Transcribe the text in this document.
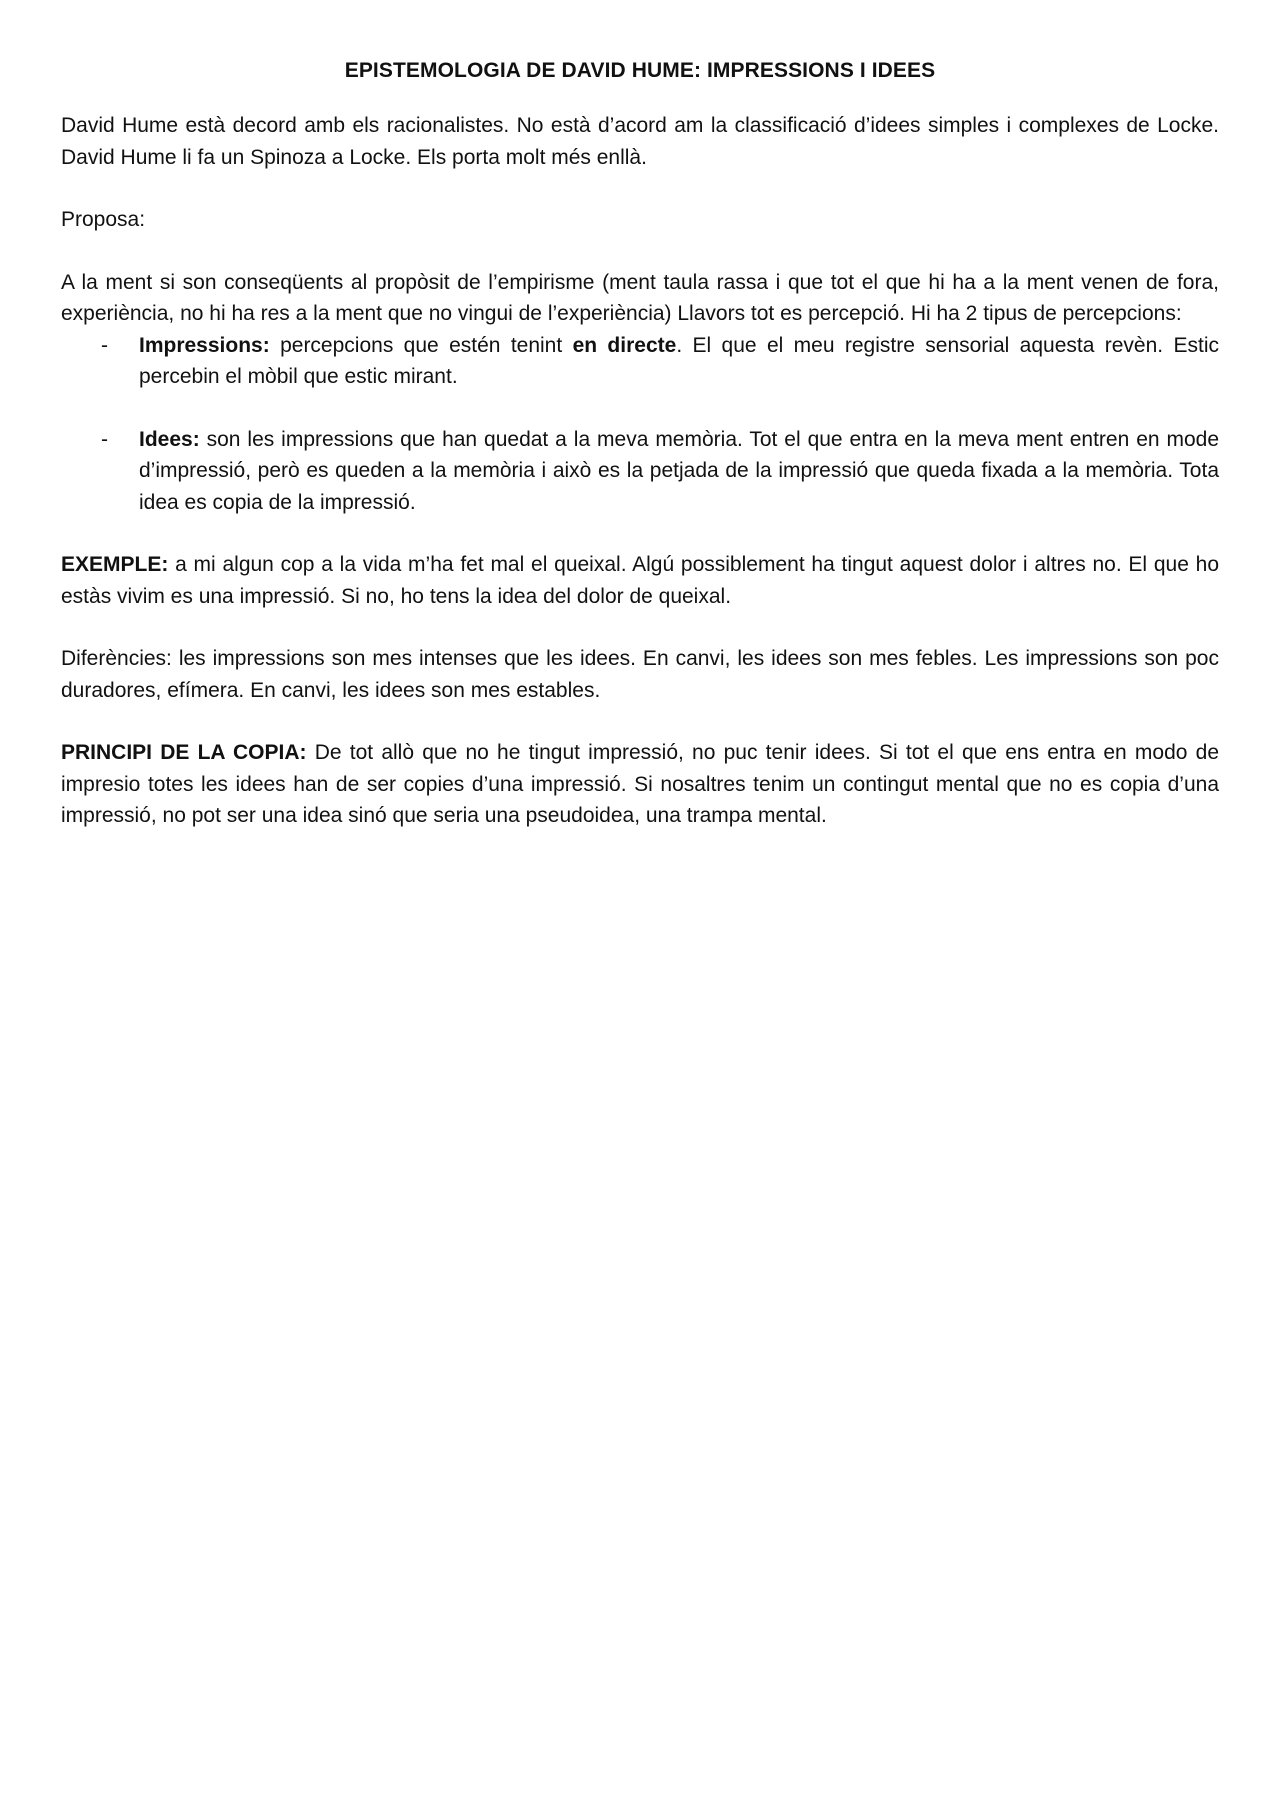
EPISTEMOLOGIA DE DAVID HUME: IMPRESSIONS I IDEES

David Hume està decord amb els racionalistes. No està d’acord am la classificació d’idees simples i complexes de Locke. David Hume li fa un Spinoza a Locke. Els porta molt més enllà.

Proposa:

A la ment si son conseqüents al propòsit de l’empirisme (ment taula rassa i que tot el que hi ha a la ment venen de fora, experiència, no hi ha res a la ment que no vingui de l’experiència) Llavors tot es percepció. Hi ha 2 tipus de percepcions:

- Impressions: percepcions que estén tenint en directe. El que el meu registre sensorial aquesta revèn. Estic percebin el mòbil que estic mirant.
- Idees: son les impressions que han quedat a la meva memòria. Tot el que entra en la meva ment entren en mode d’impressió, però es queden a la memòria i això es la petjada de la impressió que queda fixada a la memòria. Tota idea es copia de la impressió.

EXEMPLE: a mi algun cop a la vida m’ha fet mal el queixal. Algú possiblement ha tingut aquest dolor i altres no. El que ho estàs vivim es una impressió. Si no, ho tens la idea del dolor de queixal.

Diferències: les impressions son mes intenses que les idees. En canvi, les idees son mes febles. Les impressions son poc duradores, efímera. En canvi, les idees son mes estables.

PRINCIPI DE LA COPIA: De tot allò que no he tingut impressió, no puc tenir idees. Si tot el que ens entra en modo de impresio totes les idees han de ser copies d’una impressió. Si nosaltres tenim un contingut mental que no es copia d’una impressió, no pot ser una idea sinó que seria una pseudoidea, una trampa mental.
